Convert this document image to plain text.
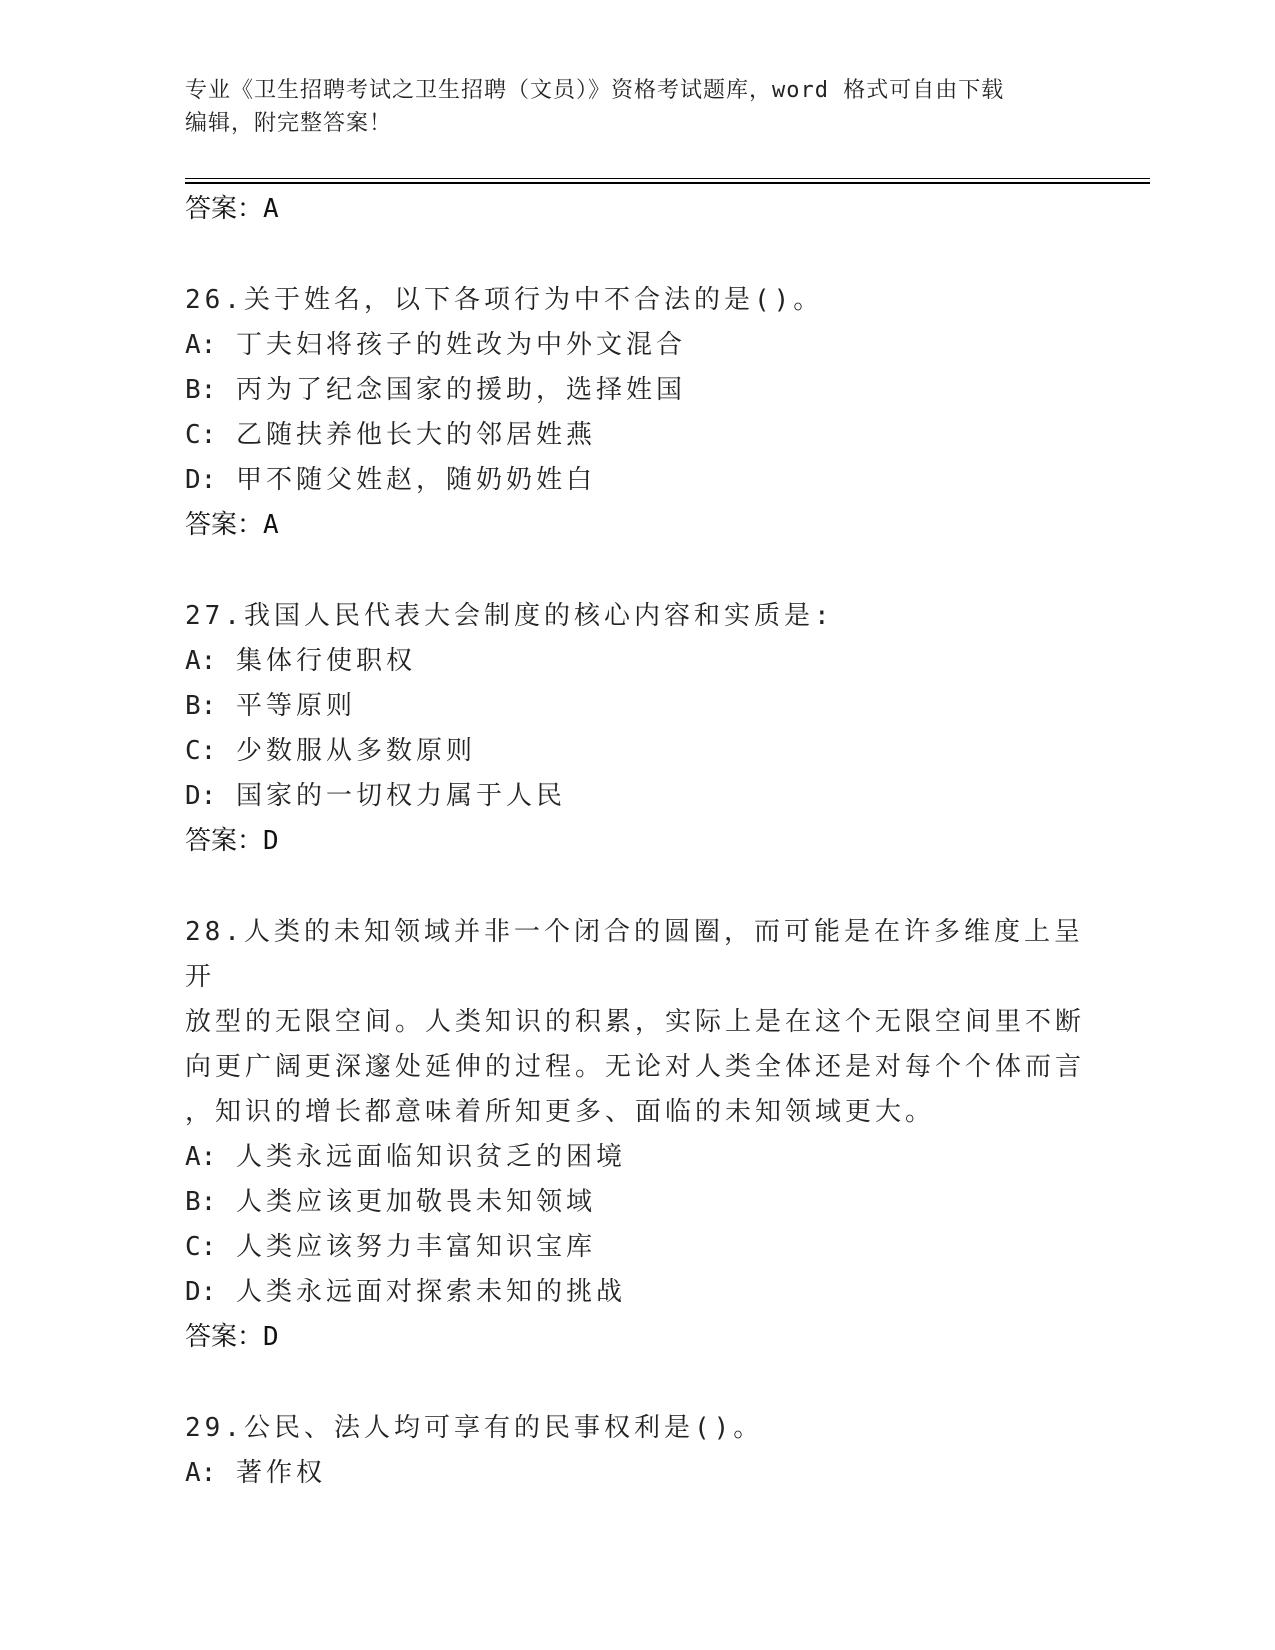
专业《卫生招聘考试之卫生招聘（文员）》资格考试题库，word 格式可自由下载
编辑，附完整答案！
答案：A
26.关于姓名，以下各项行为中不合法的是()。
A: 丁夫妇将孩子的姓改为中外文混合
B: 丙为了纪念国家的援助，选择姓国
C: 乙随扶养他长大的邻居姓燕
D: 甲不随父姓赵，随奶奶姓白
答案：A
27.我国人民代表大会制度的核心内容和实质是:
A: 集体行使职权
B: 平等原则
C: 少数服从多数原则
D: 国家的一切权力属于人民
答案：D
28.人类的未知领域并非一个闭合的圆圈，而可能是在许多维度上呈开
放型的无限空间。人类知识的积累，实际上是在这个无限空间里不断
向更广阔更深邃处延伸的过程。无论对人类全体还是对每个个体而言
，知识的增长都意味着所知更多、面临的未知领域更大。
A: 人类永远面临知识贫乏的困境
B: 人类应该更加敬畏未知领域
C: 人类应该努力丰富知识宝库
D: 人类永远面对探索未知的挑战
答案：D
29.公民、法人均可享有的民事权利是()。
A: 著作权
